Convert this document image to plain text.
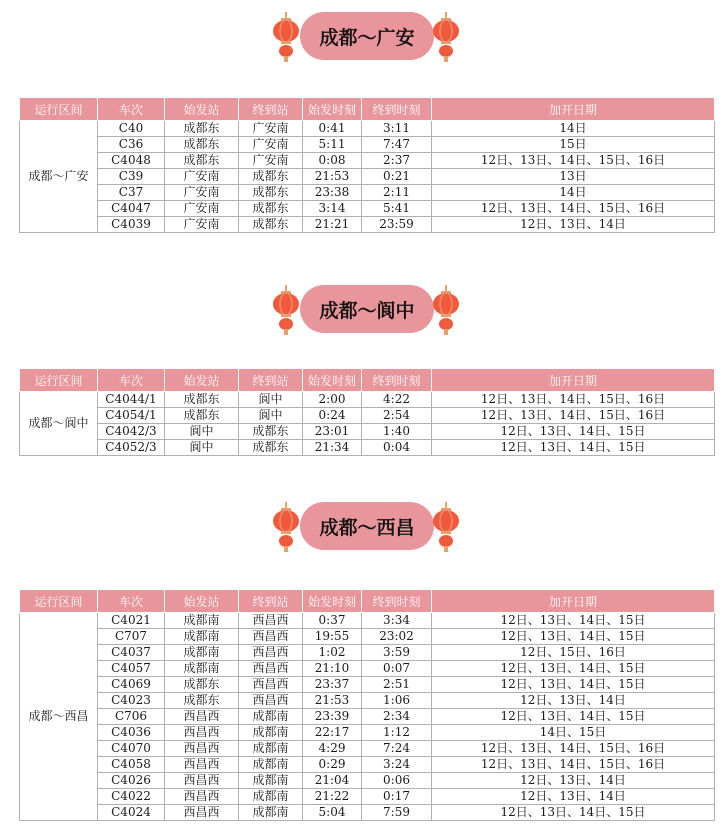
成都～广安
运行区间	车次	始发站	终到站	始发时刻	终到时刻	加开日期
成都～广安	C40	成都东	广安南	0:41	3:11	14日
	C36	成都东	广安南	5:11	7:47	15日
	C4048	成都东	广安南	0:08	2:37	12日、13日、14日、15日、16日
	C39	广安南	成都东	21:53	0:21	13日
	C37	广安南	成都东	23:38	2:11	14日
	C4047	广安南	成都东	3:14	5:41	12日、13日、14日、15日、16日
	C4039	广安南	成都东	21:21	23:59	12日、13日、14日
成都～阆中
运行区间	车次	始发站	终到站	始发时刻	终到时刻	加开日期
成都～阆中	C4044/1	成都东	阆中	2:00	4:22	12日、13日、14日、15日、16日
	C4054/1	成都东	阆中	0:24	2:54	12日、13日、14日、15日、16日
	C4042/3	阆中	成都东	23:01	1:40	12日、13日、14日、15日
	C4052/3	阆中	成都东	21:34	0:04	12日、13日、14日、15日
成都～西昌
运行区间	车次	始发站	终到站	始发时刻	终到时刻	加开日期
成都～西昌	C4021	成都南	西昌西	0:37	3:34	12日、13日、14日、15日
	C707	成都南	西昌西	19:55	23:02	12日、13日、14日、15日
	C4037	成都南	西昌西	1:02	3:59	12日、15日、16日
	C4057	成都南	西昌西	21:10	0:07	12日、13日、14日、15日
	C4069	成都东	西昌西	23:37	2:51	12日、13日、14日、15日
	C4023	成都东	西昌西	21:53	1:06	12日、13日、14日
	C706	西昌西	成都南	23:39	2:34	12日、13日、14日、15日
	C4036	西昌西	成都南	22:17	1:12	14日、15日
	C4070	西昌西	成都南	4:29	7:24	12日、13日、14日、15日、16日
	C4058	西昌西	成都南	0:29	3:24	12日、13日、14日、15日、16日
	C4026	西昌西	成都南	21:04	0:06	12日、13日、14日
	C4022	西昌西	成都南	21:22	0:17	12日、13日、14日
	C4024	西昌西	成都南	5:04	7:59	12日、13日、14日、15日
